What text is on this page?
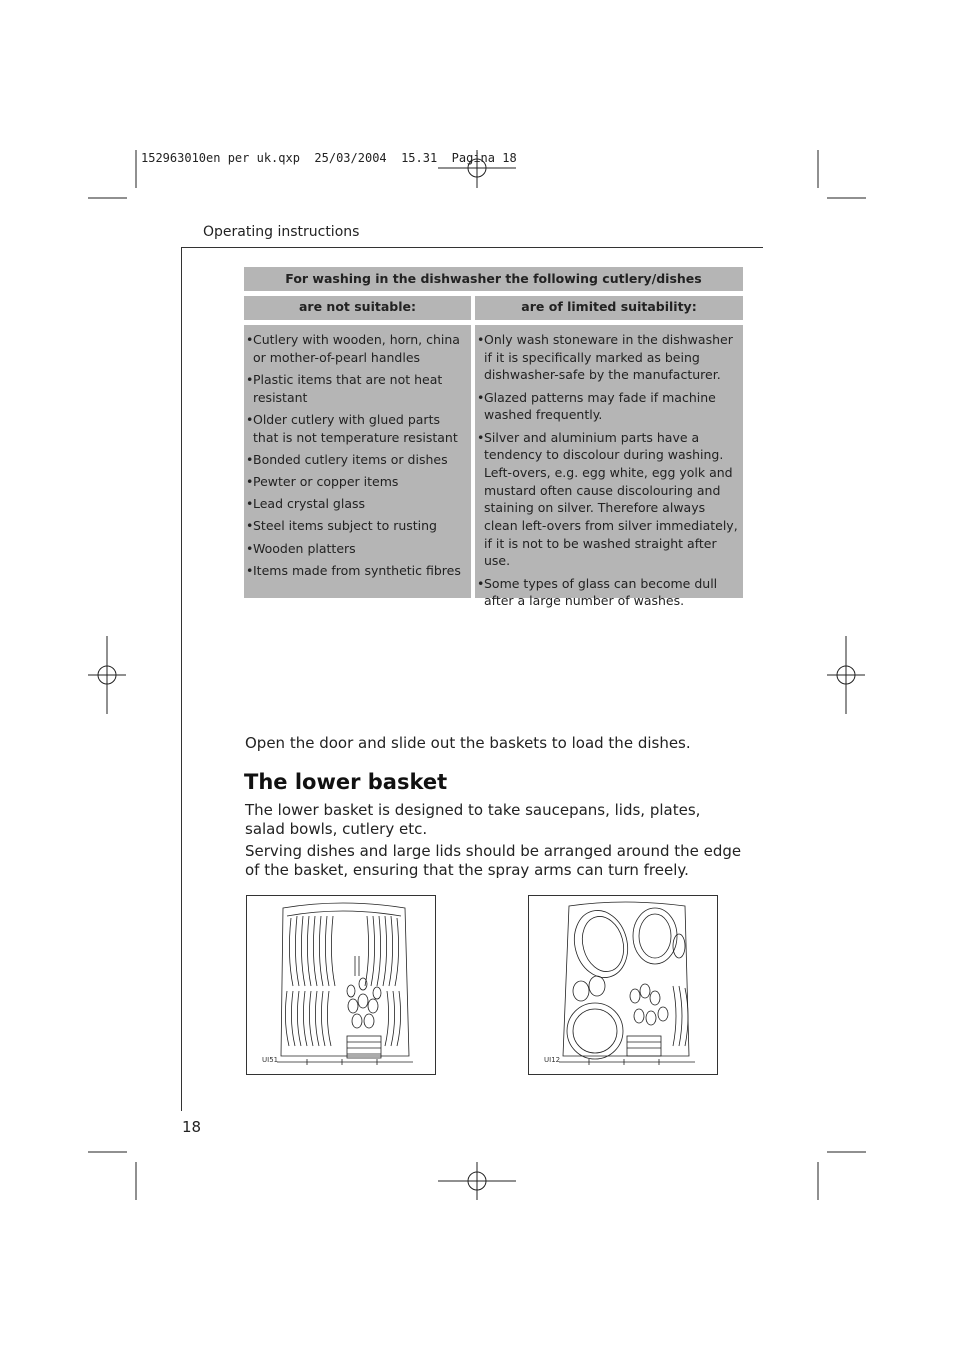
152963010en per uk.qxp  25/03/2004  15.31  Pagina 18
Operating instructions
For washing in the dishwasher the following cutlery/dishes
are not suitable:	are of limited suitability:
• Cutlery with wooden, horn, china or mother-of-pearl handles
• Plastic items that are not heat resistant
• Older cutlery with glued parts that is not temperature resistant
• Bonded cutlery items or dishes
• Pewter or copper items
• Lead crystal glass
• Steel items subject to rusting
• Wooden platters
• Items made from synthetic fibres
• Only wash stoneware in the dishwasher if it is specifically marked as being dishwasher-safe by the manufacturer.
• Glazed patterns may fade if machine washed frequently.
• Silver and aluminium parts have a tendency to discolour during washing. Left-overs, e.g. egg white, egg yolk and mustard often cause discolouring and staining on silver. Therefore always clean left-overs from silver immediately, if it is not to be washed straight after use.
• Some types of glass can become dull after a large number of washes.
Open the door and slide out the baskets to load the dishes.
The lower basket
The lower basket is designed to take saucepans, lids, plates, salad bowls, cutlery etc.
Serving dishes and large lids should be arranged around the edge of the basket, ensuring that the spray arms can turn freely.
UI51	UI12
18
